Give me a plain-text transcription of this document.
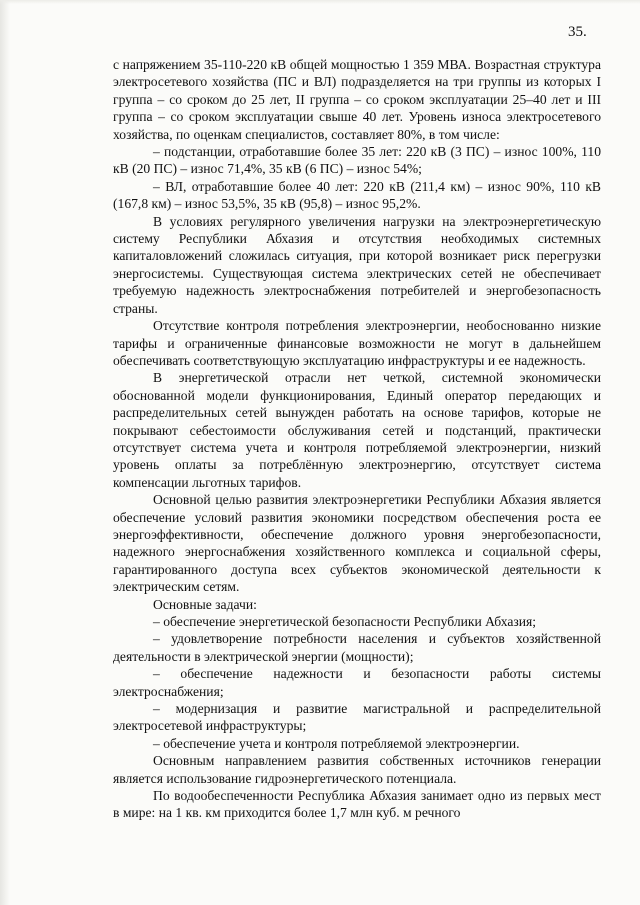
35.

с напряжением 35-110-220 кВ общей мощностью 1 359 МВА. Возрастная структура электросетевого хозяйства (ПС и ВЛ) подразделяется на три группы из которых I группа – со сроком до 25 лет, II группа – со сроком эксплуатации 25–40 лет и III группа – со сроком эксплуатации свыше 40 лет. Уровень износа электросетевого хозяйства, по оценкам специалистов, составляет 80%, в том числе:

– подстанции, отработавшие более 35 лет: 220 кВ (3 ПС) – износ 100%, 110 кВ (20 ПС) – износ 71,4%, 35 кВ (6 ПС) – износ 54%;

– ВЛ, отработавшие более 40 лет: 220 кВ (211,4 км) – износ 90%, 110 кВ (167,8 км) – износ 53,5%, 35 кВ (95,8) – износ 95,2%.

В условиях регулярного увеличения нагрузки на электроэнергетическую систему Республики Абхазия и отсутствия необходимых системных капиталовложений сложилась ситуация, при которой возникает риск перегрузки энергосистемы. Существующая система электрических сетей не обеспечивает требуемую надежность электроснабжения потребителей и энергобезопасность страны.

Отсутствие контроля потребления электроэнергии, необоснованно низкие тарифы и ограниченные финансовые возможности не могут в дальнейшем обеспечивать соответствующую эксплуатацию инфраструктуры и ее надежность.

В энергетической отрасли нет четкой, системной экономически обоснованной модели функционирования, Единый оператор передающих и распределительных сетей вынужден работать на основе тарифов, которые не покрывают себестоимости обслуживания сетей и подстанций, практически отсутствует система учета и контроля потребляемой электроэнергии, низкий уровень оплаты за потреблённую электроэнергию, отсутствует система компенсации льготных тарифов.

Основной целью развития электроэнергетики Республики Абхазия является обеспечение условий развития экономики посредством обеспечения роста ее энергоэффективности, обеспечение должного уровня энергобезопасности, надежного энергоснабжения хозяйственного комплекса и социальной сферы, гарантированного доступа всех субъектов экономической деятельности к электрическим сетям.

Основные задачи:

– обеспечение энергетической безопасности Республики Абхазия;

– удовлетворение потребности населения и субъектов хозяйственной деятельности в электрической энергии (мощности);

– обеспечение надежности и безопасности работы системы электроснабжения;

– модернизация и развитие магистральной и распределительной электросетевой инфраструктуры;

– обеспечение учета и контроля потребляемой электроэнергии.

Основным направлением развития собственных источников генерации является использование гидроэнергетического потенциала.

По водообеспеченности Республика Абхазия занимает одно из первых мест в мире: на 1 кв. км приходится более 1,7 млн куб. м речного
